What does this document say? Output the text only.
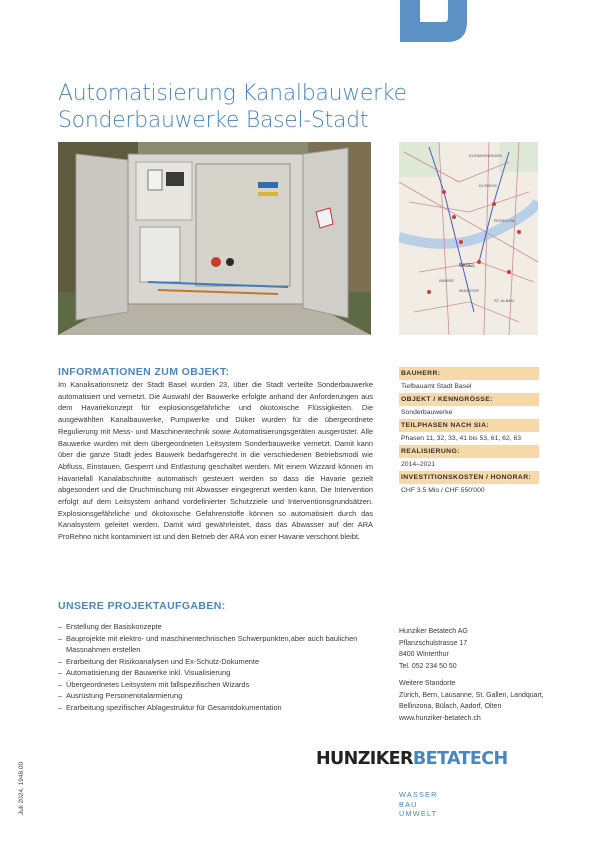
Automatisierung Kanalbauwerke
Sonderbauwerke Basel-Stadt
BASEL
INNERE
MÜNSTER
ST. ALBAN
KLEINHÜNINGEN
KLYBECK
ROSENTAL
INFORMATIONEN ZUM OBJEKT:

Im Kanalisationsnetz der Stadt Basel wurden 23, über die Stadt verteilte Sonderbauwerke automatisiert und vernetzt. Die Auswahl der Bauwerke erfolgte anhand der Anforderungen aus dem Havariekonzept für explosionsgefährliche und ökotoxische Flüssigkeiten. Die ausgewählten Kanalbauwerke, Pumpwerke und Düker wurden für die übergeordnete Regulierung mit Mess- und Maschinentechnik sowie Automatisierungsgeräten ausgerüstet. Alle Bauwerke wurden mit dem übergeordneten Leitsystem Sonderbauwerke vernetzt. Damit kann über die ganze Stadt jedes Bauwerk bedarfsgerecht in die verschiedenen Betriebsmodi wie Abfluss, Einstauen, Gesperrt und Entlastung geschaltet werden. Mit einem Wizzard können im Havariefall Kanalabschnitte automatisch gesteuert werden so dass die Havarie gezielt abgesondert und die Druchmischung mit Abwasser eingegrenzt werden kann. Die Intervention erfolgt auf dem Leitsystem anhand vordefinierter Schutzziele und Interventionsgrundsätzen. Explosionsgefährliche und ökotoxische Gefahrenstoffe können so automatisiert durch das Kanalsystem geleitet werden. Damit wird gewährleistet, dass das Abwasser auf der ARA ProRehno nicht kontaminiert ist und den Betrieb der ARA von einer Havarie verschont bleibt.

BAUHERR:
Tiefbauamt Stadt Basel
OBJEKT / KENNGRÖSSE:
Sonderbauwerke
TEILPHASEN NACH SIA:
Phasen 11, 32, 33, 41 bis 53, 61, 62, 63
REALISIERUNG:
2014–2021
INVESTITIONSKOSTEN / HONORAR:
CHF 3.5 Mio / CHF 550'000
UNSERE PROJEKTAUFGABEN:
– Erstellung der Basiskonzepte
– Bauprojekte mit elektro- und maschinentechnischen Schwerpunkten,aber auch baulichen Massnahmen erstellen
– Erarbeitung der Risikoanalysen und Ex-Schutz-Dokumente
– Automatisierung der Bauwerke inkl. Visualisierung
– Übergeordnetes Leitsystem mit fallspezifischen Wizards
– Ausrüstung Personenotalarmierung
– Erarbeitung spezifischer Ablagestruktur für Gesamtdokumentation
Hunziker Betatech AG
Pflanzschulstrasse 17
8400 Winterthur
Tel. 052 234 50 50
Weitere Standorte
Zürich, Bern, Lausanne, St. Gallen, Landquart,
Bellinzona, Bülach, Aadorf, Olten
www.hunziker-betatech.ch
HUNZIKER BETATECH
WASSER
BAU
UMWELT
Juli 2024, 1948.00
